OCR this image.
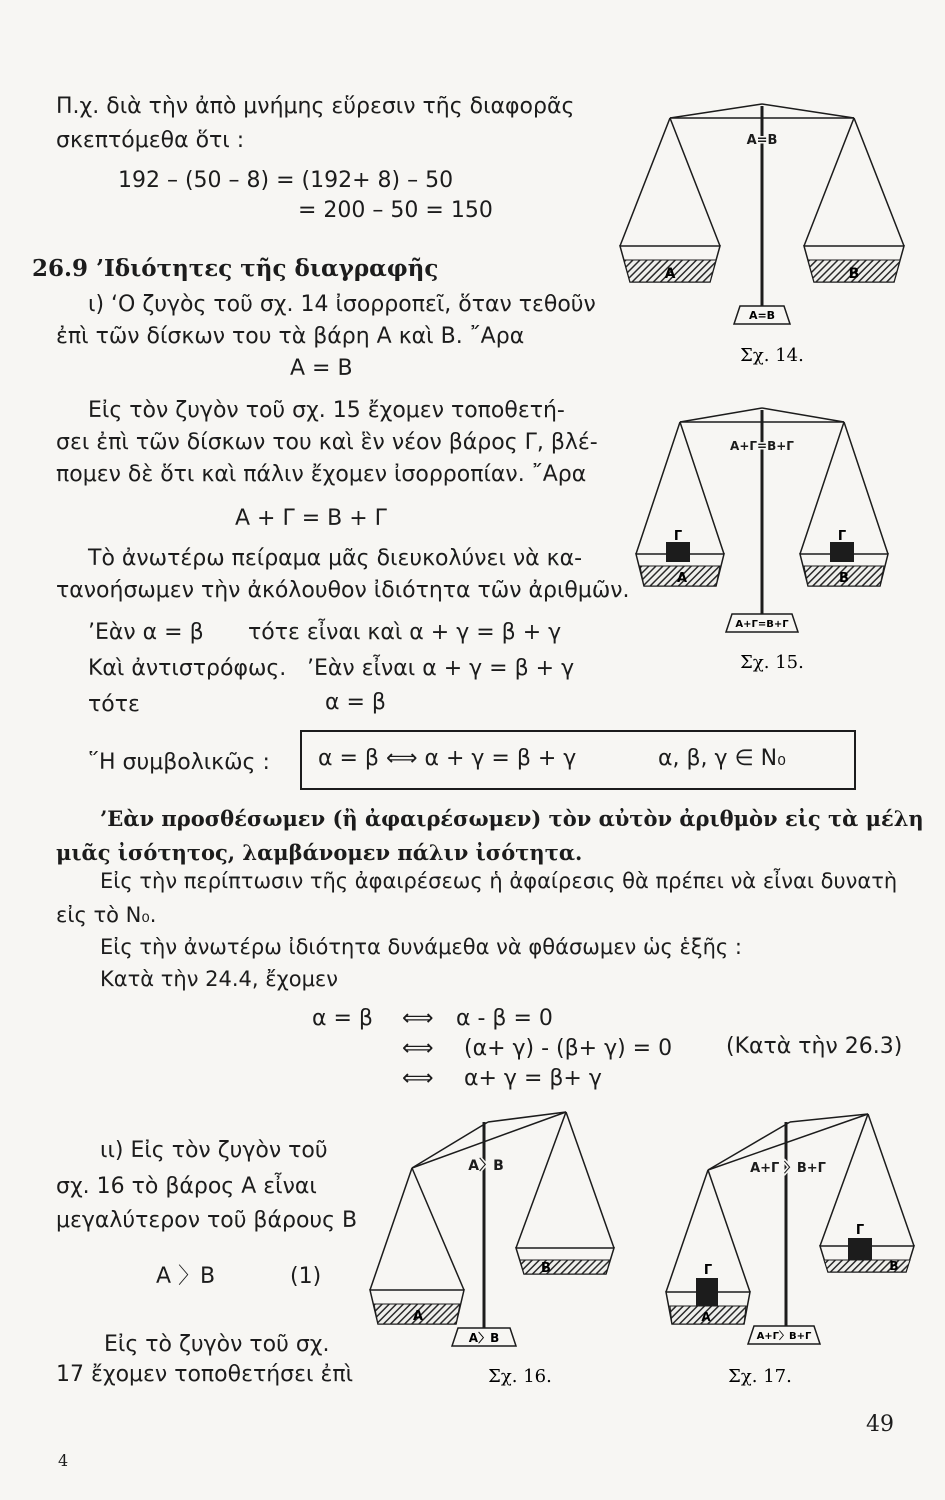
Π.χ. διὰ τὴν ἀπὸ μνήμης εὕρεσιν τῆς διαφορᾶς
σκεπτόμεθα ὅτι :
192 – (50 – 8) = (192+ 8) – 50
= 200 – 50 = 150
26.9 ’Ιδιότητες τῆς διαγραφῆς
ι) ‘Ο ζυγὸς τοῦ σχ. 14 ἰσορροπεῖ, ὅταν τεθοῦν
ἐπὶ τῶν δίσκων του τὰ βάρη Α καὶ Β. ῎Αρα
Α = Β
Εἰς τὸν ζυγὸν τοῦ σχ. 15 ἔχομεν τοποθετή-
σει ἐπὶ τῶν δίσκων του καὶ ἓν νέον βάρος Γ, βλέ-
πομεν δὲ ὅτι καὶ πάλιν ἔχομεν ἰσορροπίαν. ῎Αρα
Α + Γ = Β + Γ
Τὸ ἀνωτέρω πείραμα μᾶς διευκολύνει νὰ κα-
τανοήσωμεν τὴν ἀκόλουθον ἰδιότητα τῶν ἀριθμῶν.
’Εὰν α = β τότε εἶναι καὶ α + γ = β + γ
Καὶ ἀντιστρόφως. ’Εὰν εἶναι α + γ = β + γ
τότε	α = β
῞Η συμβολικῶς : α = β ⟺ α + γ = β + γ	α, β, γ ∈ N₀
’Εὰν προσθέσωμεν (ἢ ἀφαιρέσωμεν) τὸν αὐτὸν ἀριθμὸν εἰς τὰ μέλη
μιᾶς ἰσότητος, λαμβάνομεν πάλιν ἰσότητα.
Εἰς τὴν περίπτωσιν τῆς ἀφαιρέσεως ἡ ἀφαίρεσις θὰ πρέπει νὰ εἶναι δυνατὴ
εἰς τὸ N₀.
Εἰς τὴν ἀνωτέρω ἰδιότητα δυνάμεθα νὰ φθάσωμεν ὡς ἑξῆς :
Κατὰ τὴν 24.4, ἔχομεν
α = β ⟺
⟺
⟺
α - β = 0
(α+ γ) - (β+ γ) = 0 (Κατὰ τὴν 26.3)
α+ γ = β+ γ
ιι) Εἰς τὸν ζυγὸν τοῦ
σχ. 16 τὸ βάρος Α εἶναι
μεγαλύτερον τοῦ βάρους Β
Α 〉Β	(1)
Εἰς τὸ ζυγὸν τοῦ σχ.
17 ἔχομεν τοποθετήσει ἐπὶ
Α	Β
Α=Β
Α=Β
Σχ. 14.
Γ	Γ
Α	Β
Α+Γ=Β+Γ
Α+Γ=Β+Γ
Σχ. 15.
Α
Β
Α〉Β
Α〉Β
Σχ. 16.
Γ
Γ
Α
Β
Α+Γ 〉Β+Γ
Α+Γ〉Β+Γ
Σχ. 17.
49
4
